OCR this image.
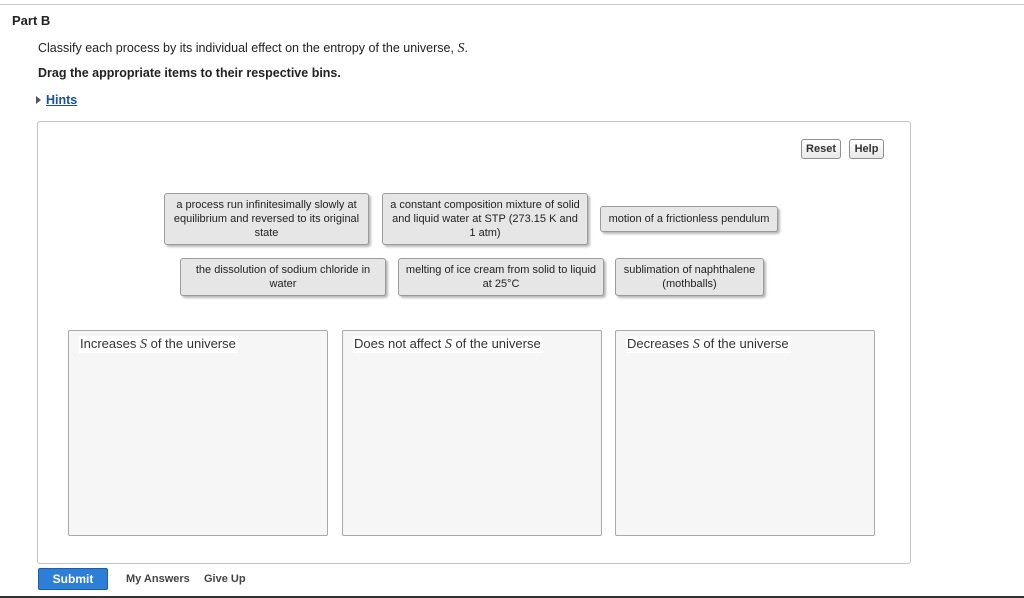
Part B
Classify each process by its individual effect on the entropy of the universe, S.
Drag the appropriate items to their respective bins.
Hints
Reset	Help
a process run infinitesimally slowly at equilibrium and reversed to its original state
a constant composition mixture of solid and liquid water at STP (273.15 K and 1 atm)
motion of a frictionless pendulum
the dissolution of sodium chloride in water
melting of ice cream from solid to liquid at 25°C
sublimation of naphthalene (mothballs)
Increases S of the universe	Does not affect S of the universe	Decreases S of the universe
Submit	My Answers Give Up
